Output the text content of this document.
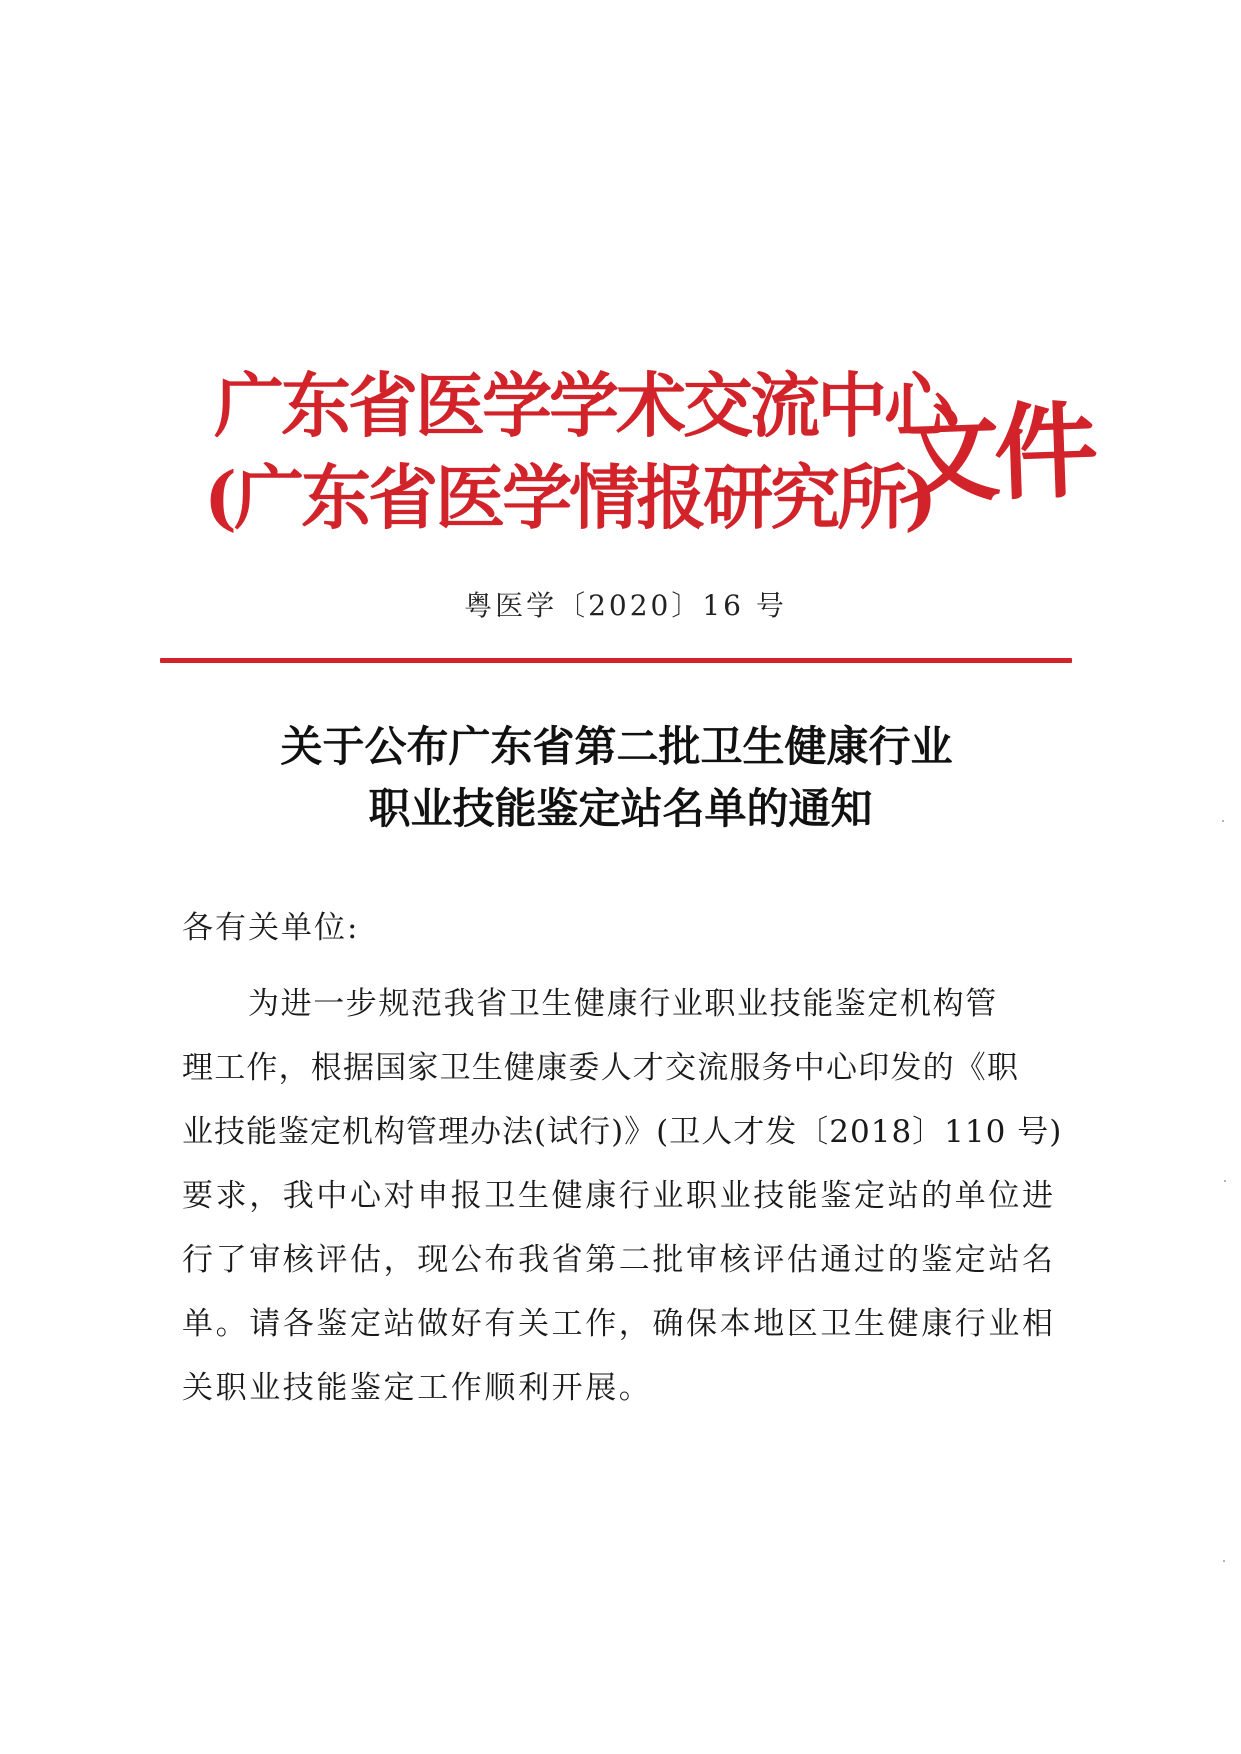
广东省医学学术交流中心
(广东省医学情报研究所)
文件
粤医学〔2020〕16 号
关于公布广东省第二批卫生健康行业
职业技能鉴定站名单的通知
各有关单位:
为进一步规范我省卫生健康行业职业技能鉴定机构管
理工作，根据国家卫生健康委人才交流服务中心印发的《职
业技能鉴定机构管理办法(试行)》(卫人才发〔2018〕110 号)
要求，我中心对申报卫生健康行业职业技能鉴定站的单位进
行了审核评估，现公布我省第二批审核评估通过的鉴定站名
单。请各鉴定站做好有关工作，确保本地区卫生健康行业相
关职业技能鉴定工作顺利开展。
